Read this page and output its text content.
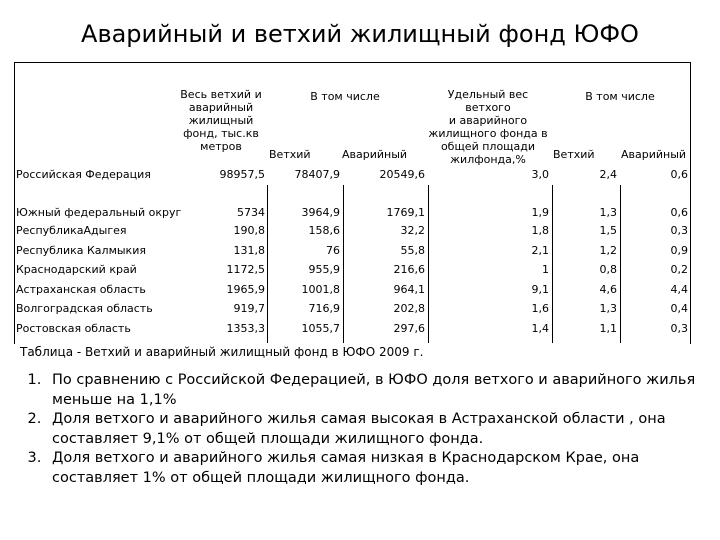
Аварийный и ветхий жилищный фонд ЮФО
Весь ветхий и
аварийный
жилищный
фонд, тыс.кв
метров
В том числе
Ветхий	Аварийный
Удельный вес ветхого
и аварийного
жилищного фонда в
общей площади
жилфонда,%
В том числе
Ветхий Аварийный
Российская Федерация	98957,5	78407,9	20549,6	3,0	2,4	0,6
Южный федеральный округ	5734	3964,9	1769,1	1,9	1,3	0,6
РеспубликаАдыгея	190,8	158,6	32,2	1,8	1,5	0,3
Республика Калмыкия	131,8	76	55,8	2,1	1,2	0,9
Краснодарский край	1172,5	955,9	216,6	1	0,8	0,2
Астраханская область	1965,9	1001,8	964,1	9,1	4,6	4,4
Волгоградская область	919,7	716,9	202,8	1,6	1,3	0,4
Ростовская область	1353,3	1055,7	297,6	1,4	1,1	0,3
Таблица - Ветхий и аварийный жилищный фонд в ЮФО 2009 г.
1. По сравнению с Российской Федерацией, в ЮФО доля ветхого и аварийного жилья меньше на 1,1%
2. Доля ветхого и аварийного жилья самая высокая в Астраханской области , она составляет 9,1% от общей площади жилищного фонда.
3. Доля ветхого и аварийного жилья самая низкая в Краснодарском Крае, она составляет 1% от общей площади жилищного фонда.
